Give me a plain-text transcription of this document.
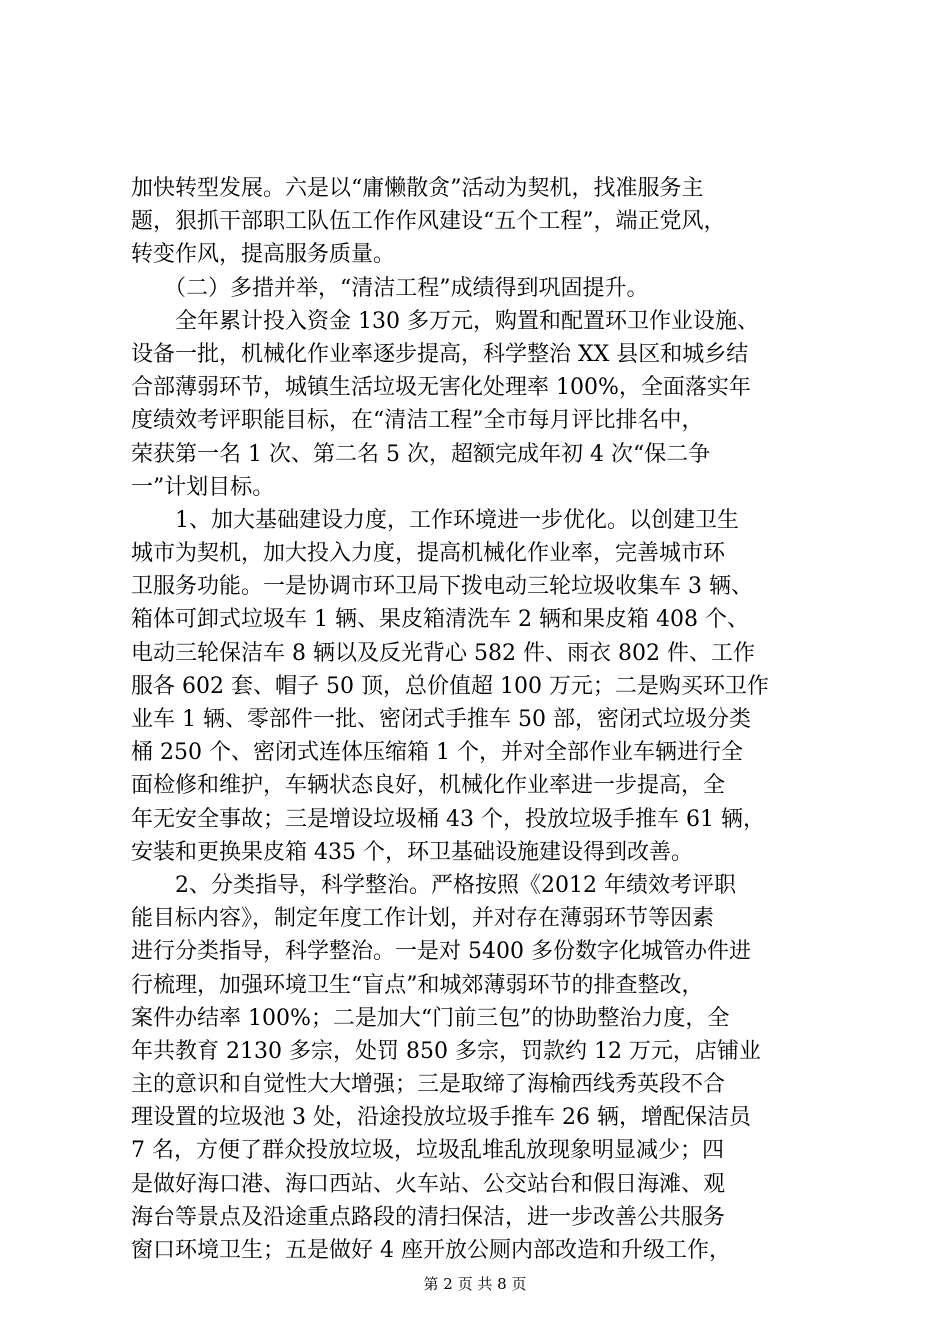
加快转型发展。六是以“庸懒散贪”活动为契机，找准服务主
题，狠抓干部职工队伍工作作风建设“五个工程”，端正党风，
转变作风，提高服务质量。
　　（二）多措并举，“清洁工程”成绩得到巩固提升。
　　全年累计投入资金 130 多万元，购置和配置环卫作业设施、
设备一批，机械化作业率逐步提高，科学整治 XX 县区和城乡结
合部薄弱环节，城镇生活垃圾无害化处理率 100%，全面落实年
度绩效考评职能目标，在“清洁工程”全市每月评比排名中，
荣获第一名 1 次、第二名 5 次，超额完成年初 4 次“保二争
一”计划目标。
　　1、加大基础建设力度，工作环境进一步优化。以创建卫生
城市为契机，加大投入力度，提高机械化作业率，完善城市环
卫服务功能。一是协调市环卫局下拨电动三轮垃圾收集车 3 辆、
箱体可卸式垃圾车 1 辆、果皮箱清洗车 2 辆和果皮箱 408 个、
电动三轮保洁车 8 辆以及反光背心 582 件、雨衣 802 件、工作
服各 602 套、帽子 50 顶，总价值超 100 万元；二是购买环卫作
业车 1 辆、零部件一批、密闭式手推车 50 部，密闭式垃圾分类
桶 250 个、密闭式连体压缩箱 1 个，并对全部作业车辆进行全
面检修和维护，车辆状态良好，机械化作业率进一步提高，全
年无安全事故；三是增设垃圾桶 43 个，投放垃圾手推车 61 辆，
安装和更换果皮箱 435 个，环卫基础设施建设得到改善。
　　2、分类指导，科学整治。严格按照《2012 年绩效考评职
能目标内容》，制定年度工作计划，并对存在薄弱环节等因素
进行分类指导，科学整治。一是对 5400 多份数字化城管办件进
行梳理，加强环境卫生“盲点”和城郊薄弱环节的排查整改，
案件办结率 100%；二是加大“门前三包”的协助整治力度，全
年共教育 2130 多宗，处罚 850 多宗，罚款约 12 万元，店铺业
主的意识和自觉性大大增强；三是取缔了海榆西线秀英段不合
理设置的垃圾池 3 处，沿途投放垃圾手推车 26 辆，增配保洁员
7 名，方便了群众投放垃圾，垃圾乱堆乱放现象明显减少；四
是做好海口港、海口西站、火车站、公交站台和假日海滩、观
海台等景点及沿途重点路段的清扫保洁，进一步改善公共服务
窗口环境卫生；五是做好 4 座开放公厕内部改造和升级工作，
第 2 页 共 8 页
